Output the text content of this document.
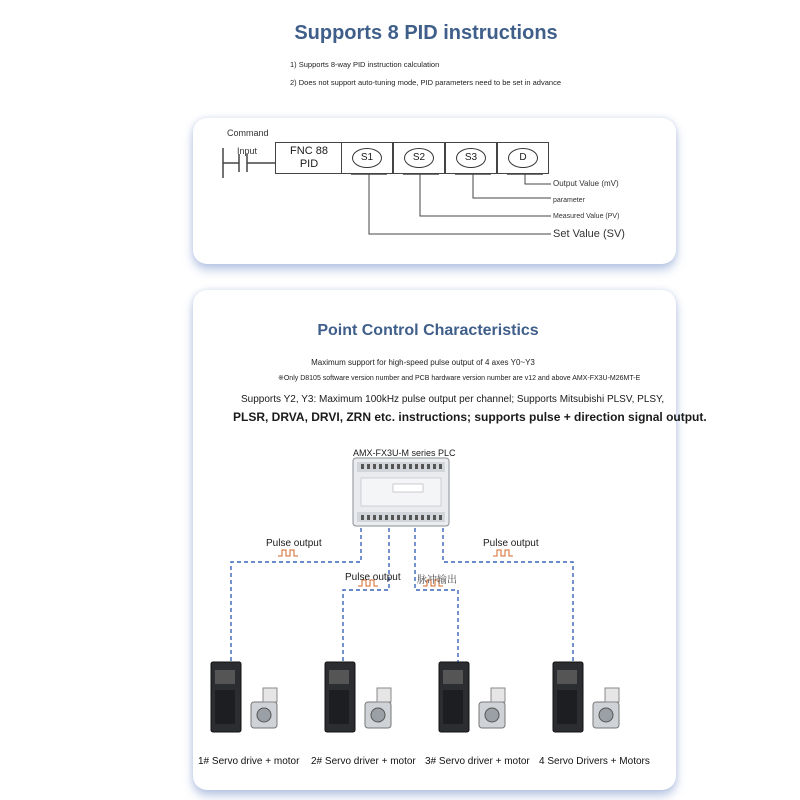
Supports 8 PID instructions
1) Supports 8-way PID instruction calculation
2) Does not support auto-tuning mode, PID parameters need to be set in advance
Command
Input	FNC 88
PID
S1	S2	S3	D
Output Value (mV)
parameter
Measured Value (PV)
Set Value (SV)
Point Control Characteristics
Maximum support for high-speed pulse output of 4 axes Y0~Y3
※Only D8105 software version number and PCB hardware version number are v12 and above AMX-FX3U-M26MT-E
Supports Y2, Y3: Maximum 100kHz pulse output per channel; Supports Mitsubishi PLSV, PLSY,
PLSR, DRVA, DRVI, ZRN etc. instructions; supports pulse + direction signal output.
AMX-FX3U-M series PLC
Pulse output
Pulse output 脉冲输出
Pulse output
1# Servo drive + motor 2# Servo driver + motor 3# Servo driver + motor 4 Servo Drivers + Motors
